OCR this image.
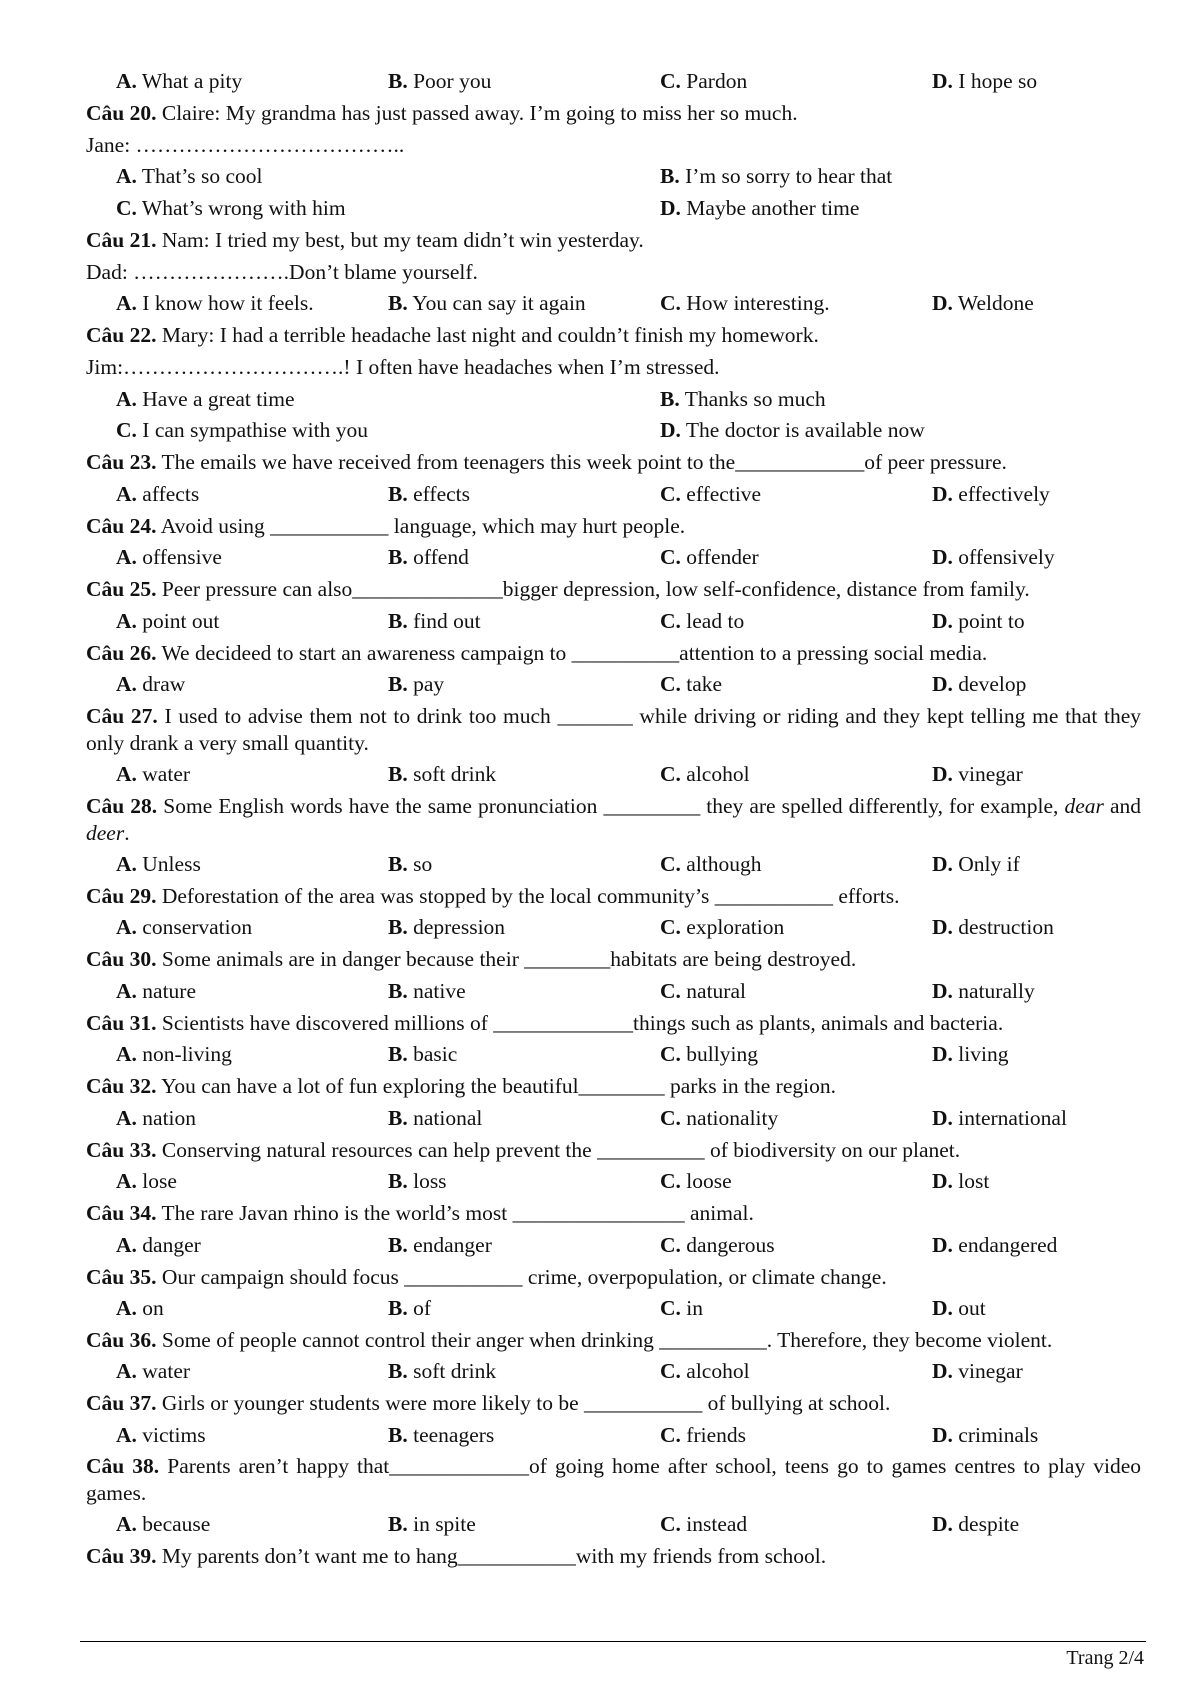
A. What a pity	B. Poor you	C. Pardon	D. I hope so
Câu 20. Claire: My grandma has just passed away. I’m going to miss her so much.
Jane: ………………………………..
A. That’s so cool	B. I’m so sorry to hear that
C. What’s wrong with him	D. Maybe another time
Câu 21. Nam: I tried my best, but my team didn’t win yesterday.
Dad: ………………….Don’t blame yourself.
A. I know how it feels.	B. You can say it again	C. How interesting.	D. Weldone
Câu 22. Mary: I had a terrible headache last night and couldn’t finish my homework.
Jim:………………………….! I often have headaches when I’m stressed.
A. Have a great time	B. Thanks so much
C. I can sympathise with you	D. The doctor is available now
Câu 23. The emails we have received from teenagers this week point to the____________of peer pressure.
A. affects	B. effects	C. effective	D. effectively
Câu 24. Avoid using ___________ language, which may hurt people.
A. offensive	B. offend	C. offender	D. offensively
Câu 25. Peer pressure can also______________bigger depression, low self-confidence, distance from family.
A. point out	B. find out	C. lead to	D. point to
Câu 26. We decideed to start an awareness campaign to __________attention to a pressing social media.
A. draw	B. pay	C. take	D. develop
Câu 27. I used to advise them not to drink too much _______ while driving or riding and they kept telling me that they only drank a very small quantity.
A. water	B. soft drink	C. alcohol	D. vinegar
Câu 28. Some English words have the same pronunciation _________ they are spelled differently, for example, dear and deer.
A. Unless	B. so	C. although	D. Only if
Câu 29. Deforestation of the area was stopped by the local community’s ___________ efforts.
A. conservation	B. depression	C. exploration	D. destruction
Câu 30. Some animals are in danger because their ________habitats are being destroyed.
A. nature	B. native	C. natural	D. naturally
Câu 31. Scientists have discovered millions of _____________things such as plants, animals and bacteria.
A. non-living	B. basic	C. bullying	D. living
Câu 32. You can have a lot of fun exploring the beautiful________ parks in the region.
A. nation	B. national	C. nationality	D. international
Câu 33. Conserving natural resources can help prevent the __________ of biodiversity on our planet.
A. lose	B. loss	C. loose	D. lost
Câu 34. The rare Javan rhino is the world’s most ________________ animal.
A. danger	B. endanger	C. dangerous	D. endangered
Câu 35. Our campaign should focus ___________ crime, overpopulation, or climate change.
A. on	B. of	C. in	D. out
Câu 36. Some of people cannot control their anger when drinking __________. Therefore, they become violent.
A. water	B. soft drink	C. alcohol	D. vinegar
Câu 37. Girls or younger students were more likely to be ___________ of bullying at school.
A. victims	B. teenagers	C. friends	D. criminals
Câu 38. Parents aren’t happy that_____________of going home after school, teens go to games centres to play video games.
A. because	B. in spite	C. instead	D. despite
Câu 39. My parents don’t want me to hang___________with my friends from school.
Trang 2/4
